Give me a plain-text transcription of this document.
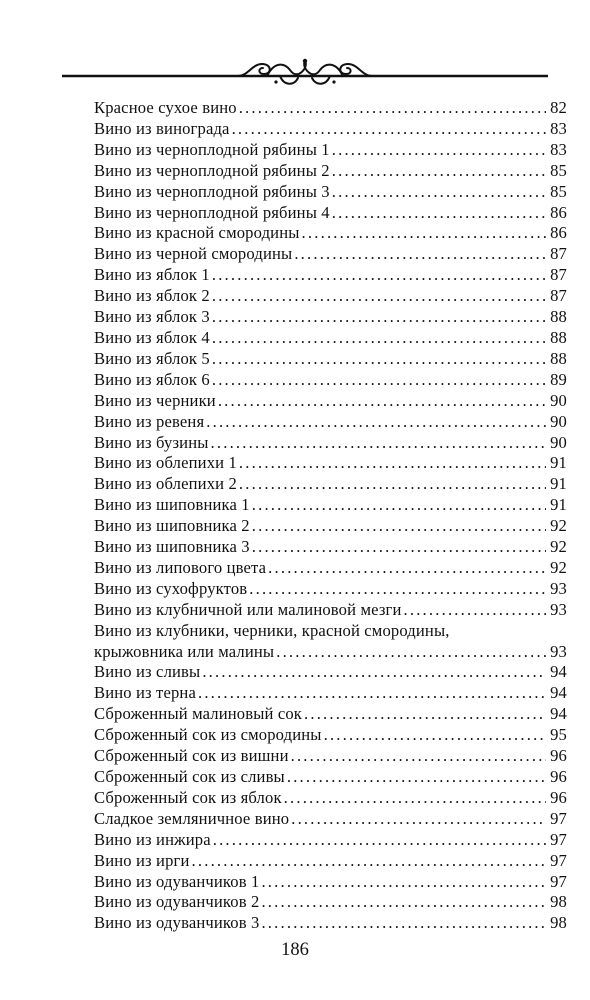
Красное сухое вино .....	82
Вино из винограда .....	83
Вино из черноплодной рябины 1 .....	83
Вино из черноплодной рябины 2 .....	85
Вино из черноплодной рябины 3 .....	85
Вино из черноплодной рябины 4 .....	86
Вино из красной смородины .....	86
Вино из черной смородины .....	87
Вино из яблок 1 .....	87
Вино из яблок 2 .....	87
Вино из яблок 3 .....	88
Вино из яблок 4 .....	88
Вино из яблок 5 .....	88
Вино из яблок 6 .....	89
Вино из черники .....	90
Вино из ревеня .....	90
Вино из бузины .....	90
Вино из облепихи 1 .....	91
Вино из облепихи 2 .....	91
Вино из шиповника 1 .....	91
Вино из шиповника 2 .....	92
Вино из шиповника 3 .....	92
Вино из липового цвета .....	92
Вино из сухофруктов .....	93
Вино из клубничной или малиновой мезги .....	93
Вино из клубники, черники, красной смородины,
крыжовника или малины .....	93
Вино из сливы .....	94
Вино из терна .....	94
Сброженный малиновый сок .....	94
Сброженный сок из смородины .....	95
Сброженный сок из вишни .....	96
Сброженный сок из сливы .....	96
Сброженный сок из яблок .....	96
Сладкое земляничное вино .....	97
Вино из инжира .....	97
Вино из ирги .....	97
Вино из одуванчиков 1 .....	97
Вино из одуванчиков 2 .....	98
Вино из одуванчиков 3 .....	98
186
